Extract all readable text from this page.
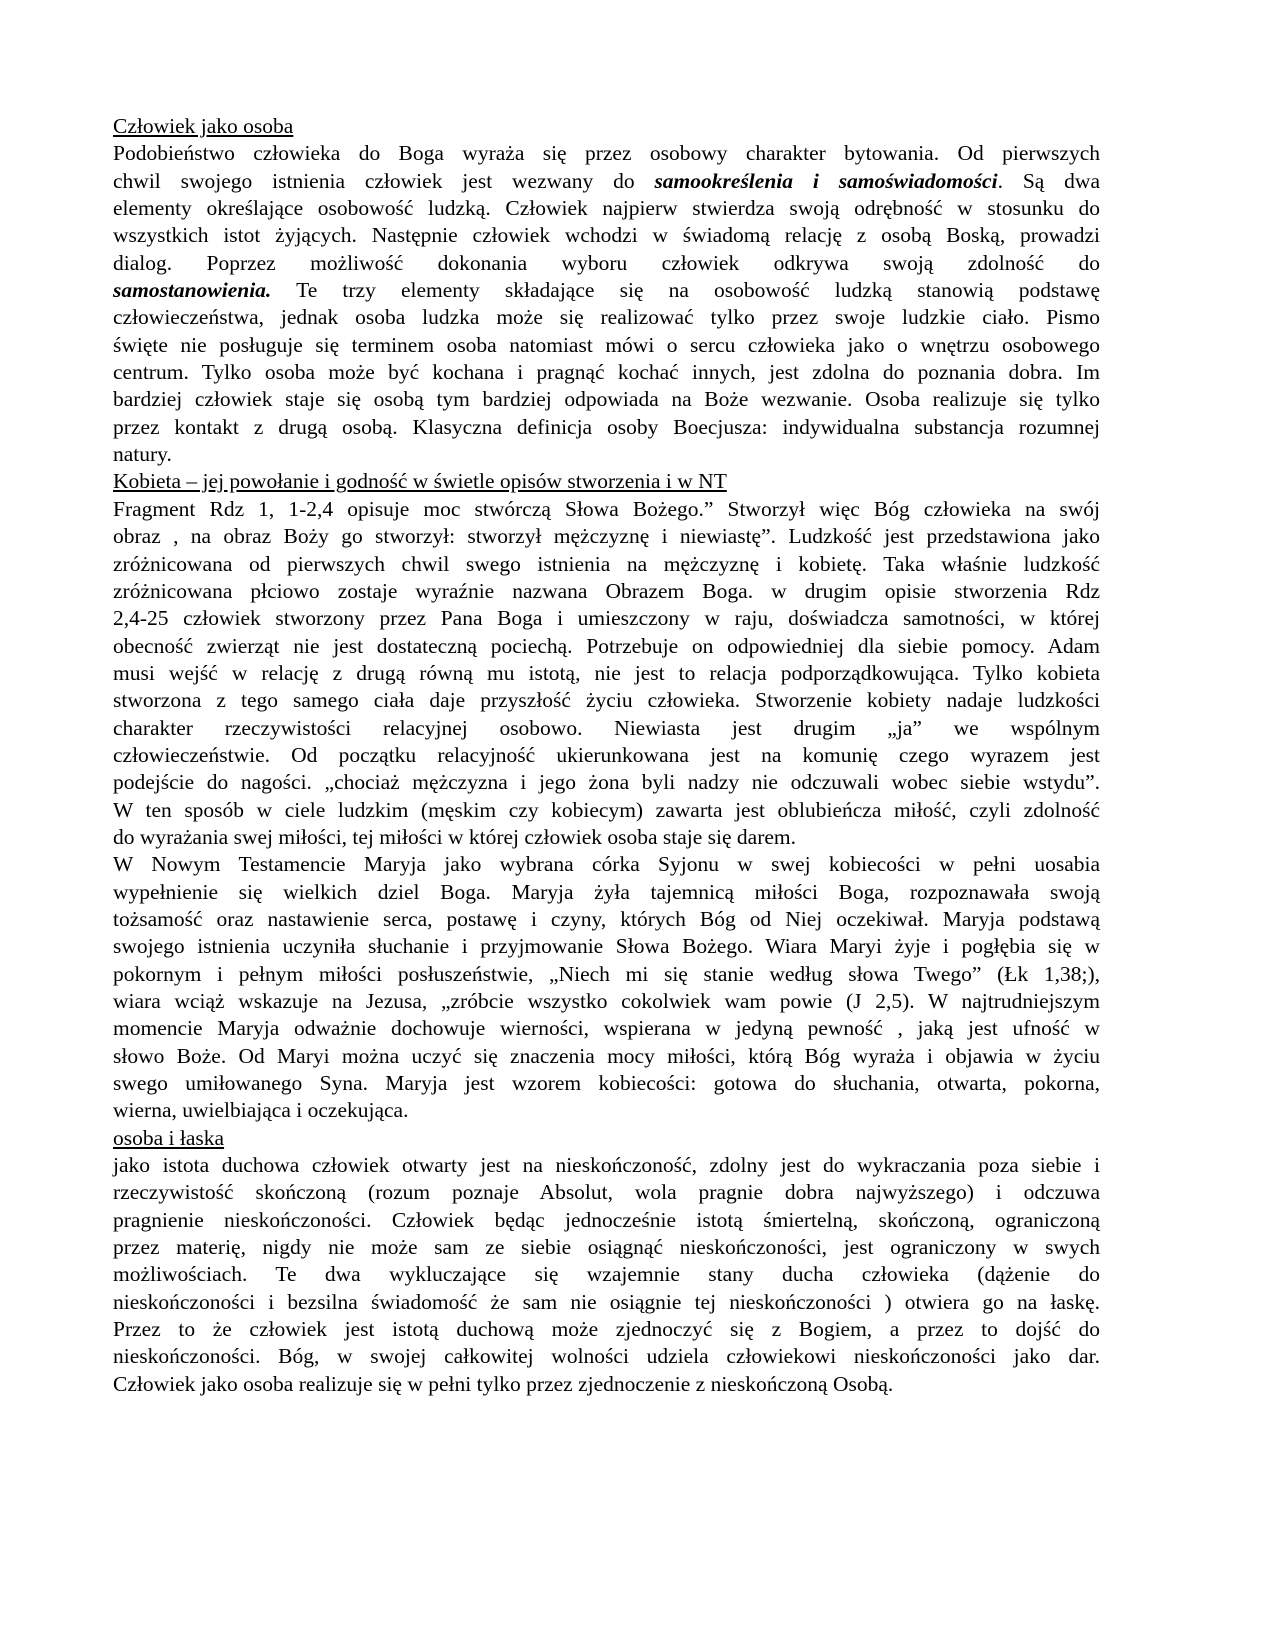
Człowiek jako osoba
Podobieństwo człowieka do Boga wyraża się przez osobowy charakter bytowania. Od pierwszych
chwil swojego istnienia człowiek jest wezwany do samookreślenia i samoświadomości. Są dwa
elementy określające osobowość ludzką. Człowiek najpierw stwierdza swoją odrębność w stosunku do
wszystkich istot żyjących. Następnie człowiek wchodzi w świadomą relację z osobą Boską, prowadzi
dialog. Poprzez możliwość dokonania wyboru człowiek odkrywa swoją zdolność do
samostanowienia. Te trzy elementy składające się na osobowość ludzką stanowią podstawę
człowieczeństwa, jednak osoba ludzka może się realizować tylko przez swoje ludzkie ciało. Pismo
święte nie posługuje się terminem osoba natomiast mówi o sercu człowieka jako o wnętrzu osobowego
centrum. Tylko osoba może być kochana i pragnąć kochać innych, jest zdolna do poznania dobra. Im
bardziej człowiek staje się osobą tym bardziej odpowiada na Boże wezwanie. Osoba realizuje się tylko
przez kontakt z drugą osobą. Klasyczna definicja osoby Boecjusza: indywidualna substancja rozumnej
natury.
Kobieta – jej powołanie i godność w świetle opisów stworzenia i w NT
Fragment Rdz 1, 1-2,4 opisuje moc stwórczą Słowa Bożego.” Stworzył więc Bóg człowieka na swój
obraz , na obraz Boży go stworzył: stworzył mężczyznę i niewiastę”. Ludzkość jest przedstawiona jako
zróżnicowana od pierwszych chwil swego istnienia na mężczyznę i kobietę. Taka właśnie ludzkość
zróżnicowana płciowo zostaje wyraźnie nazwana Obrazem Boga. w drugim opisie stworzenia Rdz
2,4-25 człowiek stworzony przez Pana Boga i umieszczony w raju, doświadcza samotności, w której
obecność zwierząt nie jest dostateczną pociechą. Potrzebuje on odpowiedniej dla siebie pomocy. Adam
musi wejść w relację z drugą równą mu istotą, nie jest to relacja podporządkowująca. Tylko kobieta
stworzona z tego samego ciała daje przyszłość życiu człowieka. Stworzenie kobiety nadaje ludzkości
charakter rzeczywistości relacyjnej osobowo. Niewiasta jest drugim „ja” we wspólnym
człowieczeństwie. Od początku relacyjność ukierunkowana jest na komunię czego wyrazem jest
podejście do nagości. „chociaż mężczyzna i jego żona byli nadzy nie odczuwali wobec siebie wstydu”.
W ten sposób w ciele ludzkim (męskim czy kobiecym) zawarta jest oblubieńcza miłość, czyli zdolność
do wyrażania swej miłości, tej miłości w której człowiek osoba staje się darem.
W Nowym Testamencie Maryja jako wybrana córka Syjonu w swej kobiecości w pełni uosabia
wypełnienie się wielkich dziel Boga. Maryja żyła tajemnicą miłości Boga, rozpoznawała swoją
tożsamość oraz nastawienie serca, postawę i czyny, których Bóg od Niej oczekiwał. Maryja podstawą
swojego istnienia uczyniła słuchanie i przyjmowanie Słowa Bożego. Wiara Maryi żyje i pogłębia się w
pokornym i pełnym miłości posłuszeństwie, „Niech mi się stanie według słowa Twego” (Łk 1,38;),
wiara wciąż wskazuje na Jezusa, „zróbcie wszystko cokolwiek wam powie (J 2,5). W najtrudniejszym
momencie Maryja odważnie dochowuje wierności, wspierana w jedyną pewność , jaką jest ufność w
słowo Boże. Od Maryi można uczyć się znaczenia mocy miłości, którą Bóg wyraża i objawia w życiu
swego umiłowanego Syna. Maryja jest wzorem kobiecości: gotowa do słuchania, otwarta, pokorna,
wierna, uwielbiająca i oczekująca.
osoba i łaska
jako istota duchowa człowiek otwarty jest na nieskończoność, zdolny jest do wykraczania poza siebie i
rzeczywistość skończoną (rozum poznaje Absolut, wola pragnie dobra najwyższego) i odczuwa
pragnienie nieskończoności. Człowiek będąc jednocześnie istotą śmiertelną, skończoną, ograniczoną
przez materię, nigdy nie może sam ze siebie osiągnąć nieskończoności, jest ograniczony w swych
możliwościach. Te dwa wykluczające się wzajemnie stany ducha człowieka (dążenie do
nieskończoności i bezsilna świadomość że sam nie osiągnie tej nieskończoności ) otwiera go na łaskę.
Przez to że człowiek jest istotą duchową może zjednoczyć się z Bogiem, a przez to dojść do
nieskończoności. Bóg, w swojej całkowitej wolności udziela człowiekowi nieskończoności jako dar.
Człowiek jako osoba realizuje się w pełni tylko przez zjednoczenie z nieskończoną Osobą.
